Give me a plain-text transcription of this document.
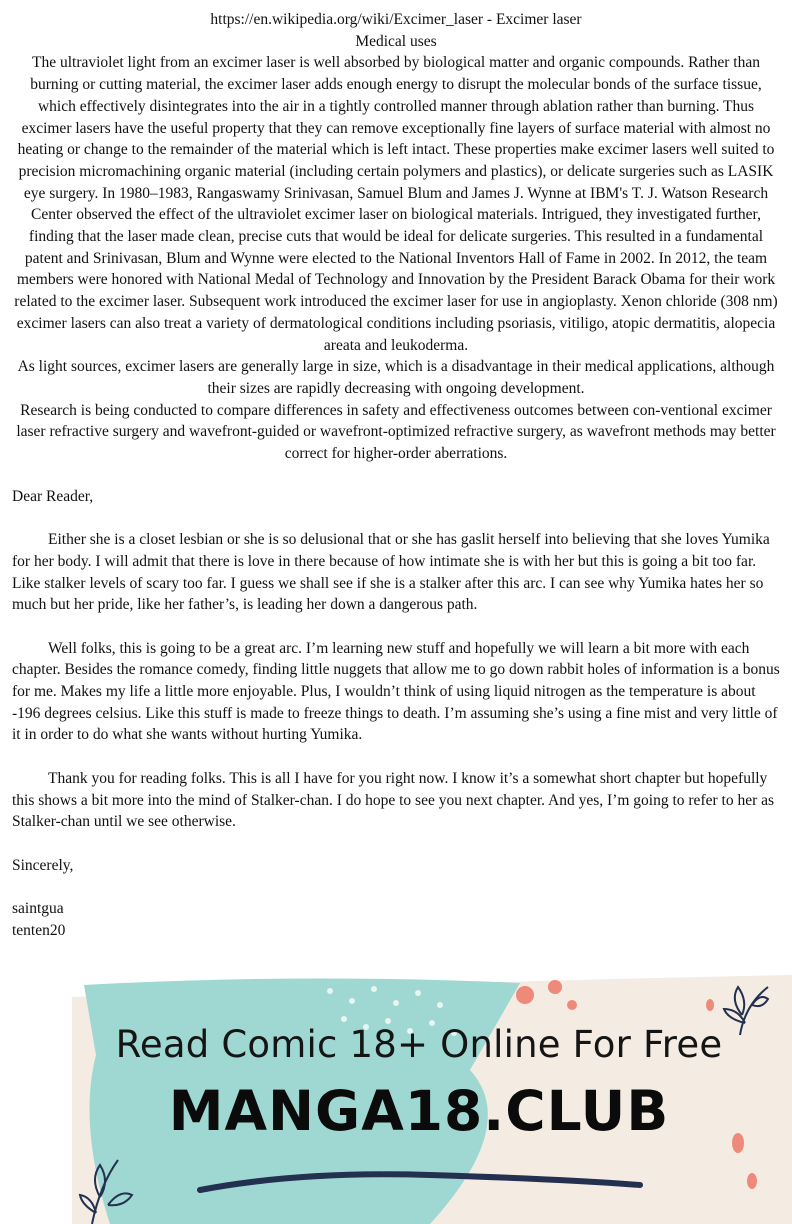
https://en.wikipedia.org/wiki/Excimer_laser - Excimer laser

Medical uses

The ultraviolet light from an excimer laser is well absorbed by biological matter and organic compounds. Rather than burning or cutting material, the excimer laser adds enough energy to disrupt the molecular bonds of the surface tissue, which effectively disintegrates into the air in a tightly controlled manner through ablation rather than burning. Thus excimer lasers have the useful property that they can remove exceptionally fine layers of surface material with almost no heating or change to the remainder of the material which is left intact. These properties make excimer lasers well suited to precision micromachining organic material (including certain polymers and plastics), or delicate surgeries such as LASIK eye surgery. In 1980–1983, Rangaswamy Srinivasan, Samuel Blum and James J. Wynne at IBM's T. J. Watson Research Center observed the effect of the ultraviolet excimer laser on biological materials. Intrigued, they investigated further, finding that the laser made clean, precise cuts that would be ideal for delicate surgeries. This resulted in a fundamental patent and Srinivasan, Blum and Wynne were elected to the National Inventors Hall of Fame in 2002. In 2012, the team members were honored with National Medal of Technology and Innovation by the President Barack Obama for their work related to the excimer laser. Subsequent work introduced the excimer laser for use in angioplasty. Xenon chloride (308 nm) excimer lasers can also treat a variety of dermatological conditions including psoriasis, vitiligo, atopic dermatitis, alopecia areata and leukoderma.

As light sources, excimer lasers are generally large in size, which is a disadvantage in their medical applications, although their sizes are rapidly decreasing with ongoing development.

Research is being conducted to compare differences in safety and effectiveness outcomes between con-ventional excimer laser refractive surgery and wavefront-guided or wavefront-optimized refractive surgery, as wavefront methods may better correct for higher-order aberrations.

Dear Reader,

Either she is a closet lesbian or she is so delusional that or she has gaslit herself into believing that she loves Yumika for her body. I will admit that there is love in there because of how intimate she is with her but this is going a bit too far. Like stalker levels of scary too far. I guess we shall see if she is a stalker after this arc. I can see why Yumika hates her so much but her pride, like her father’s, is leading her down a dangerous path.

Well folks, this is going to be a great arc. I’m learning new stuff and hopefully we will learn a bit more with each chapter. Besides the romance comedy, finding little nuggets that allow me to go down rabbit holes of information is a bonus for me. Makes my life a little more enjoyable. Plus, I wouldn’t think of using liquid nitrogen as the temperature is about -196 degrees celsius. Like this stuff is made to freeze things to death. I’m assuming she’s using a fine mist and very little of it in order to do what she wants without hurting Yumika.

Thank you for reading folks. This is all I have for you right now. I know it’s a somewhat short chapter but hopefully this shows a bit more into the mind of Stalker-chan. I do hope to see you next chapter. And yes, I’m going to refer to her as Stalker-chan until we see otherwise.

Sincerely,

saintgua

tenten20

Read Comic 18+ Online For Free
MANGA18.CLUB
